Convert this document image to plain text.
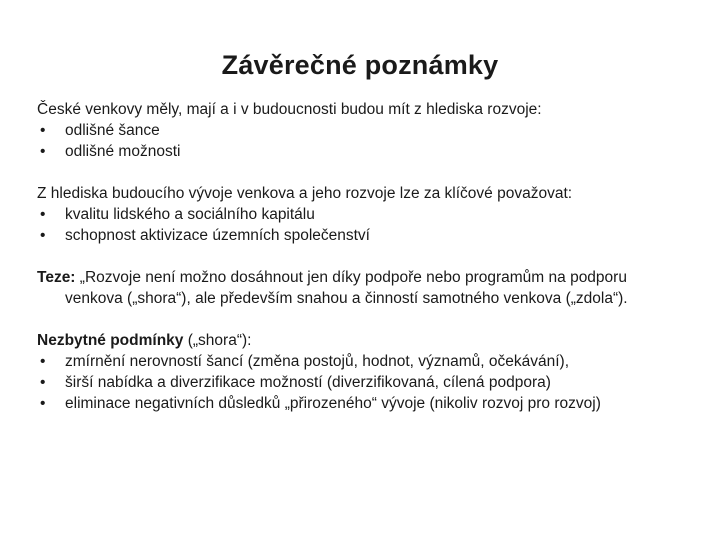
Závěrečné poznámky

České venkovy měly, mají a i v budoucnosti budou mít z hlediska rozvoje:

• odlišné šance
• odlišné možnosti

Z hlediska budoucího vývoje venkova a jeho rozvoje lze za klíčové považovat:

• kvalitu lidského a sociálního kapitálu
• schopnost aktivizace územních společenství

Teze: „Rozvoje není možno dosáhnout jen díky podpoře nebo programům na podporu venkova („shora“), ale především snahou a činností samotného venkova („zdola“).

Nezbytné podmínky („shora“):

• zmírnění nerovností šancí (změna postojů, hodnot, významů, očekávání),
• širší nabídka a diverzifikace možností (diverzifikovaná, cílená podpora)
• eliminace negativních důsledků „přirozeného“ vývoje (nikoliv rozvoj pro rozvoj)
